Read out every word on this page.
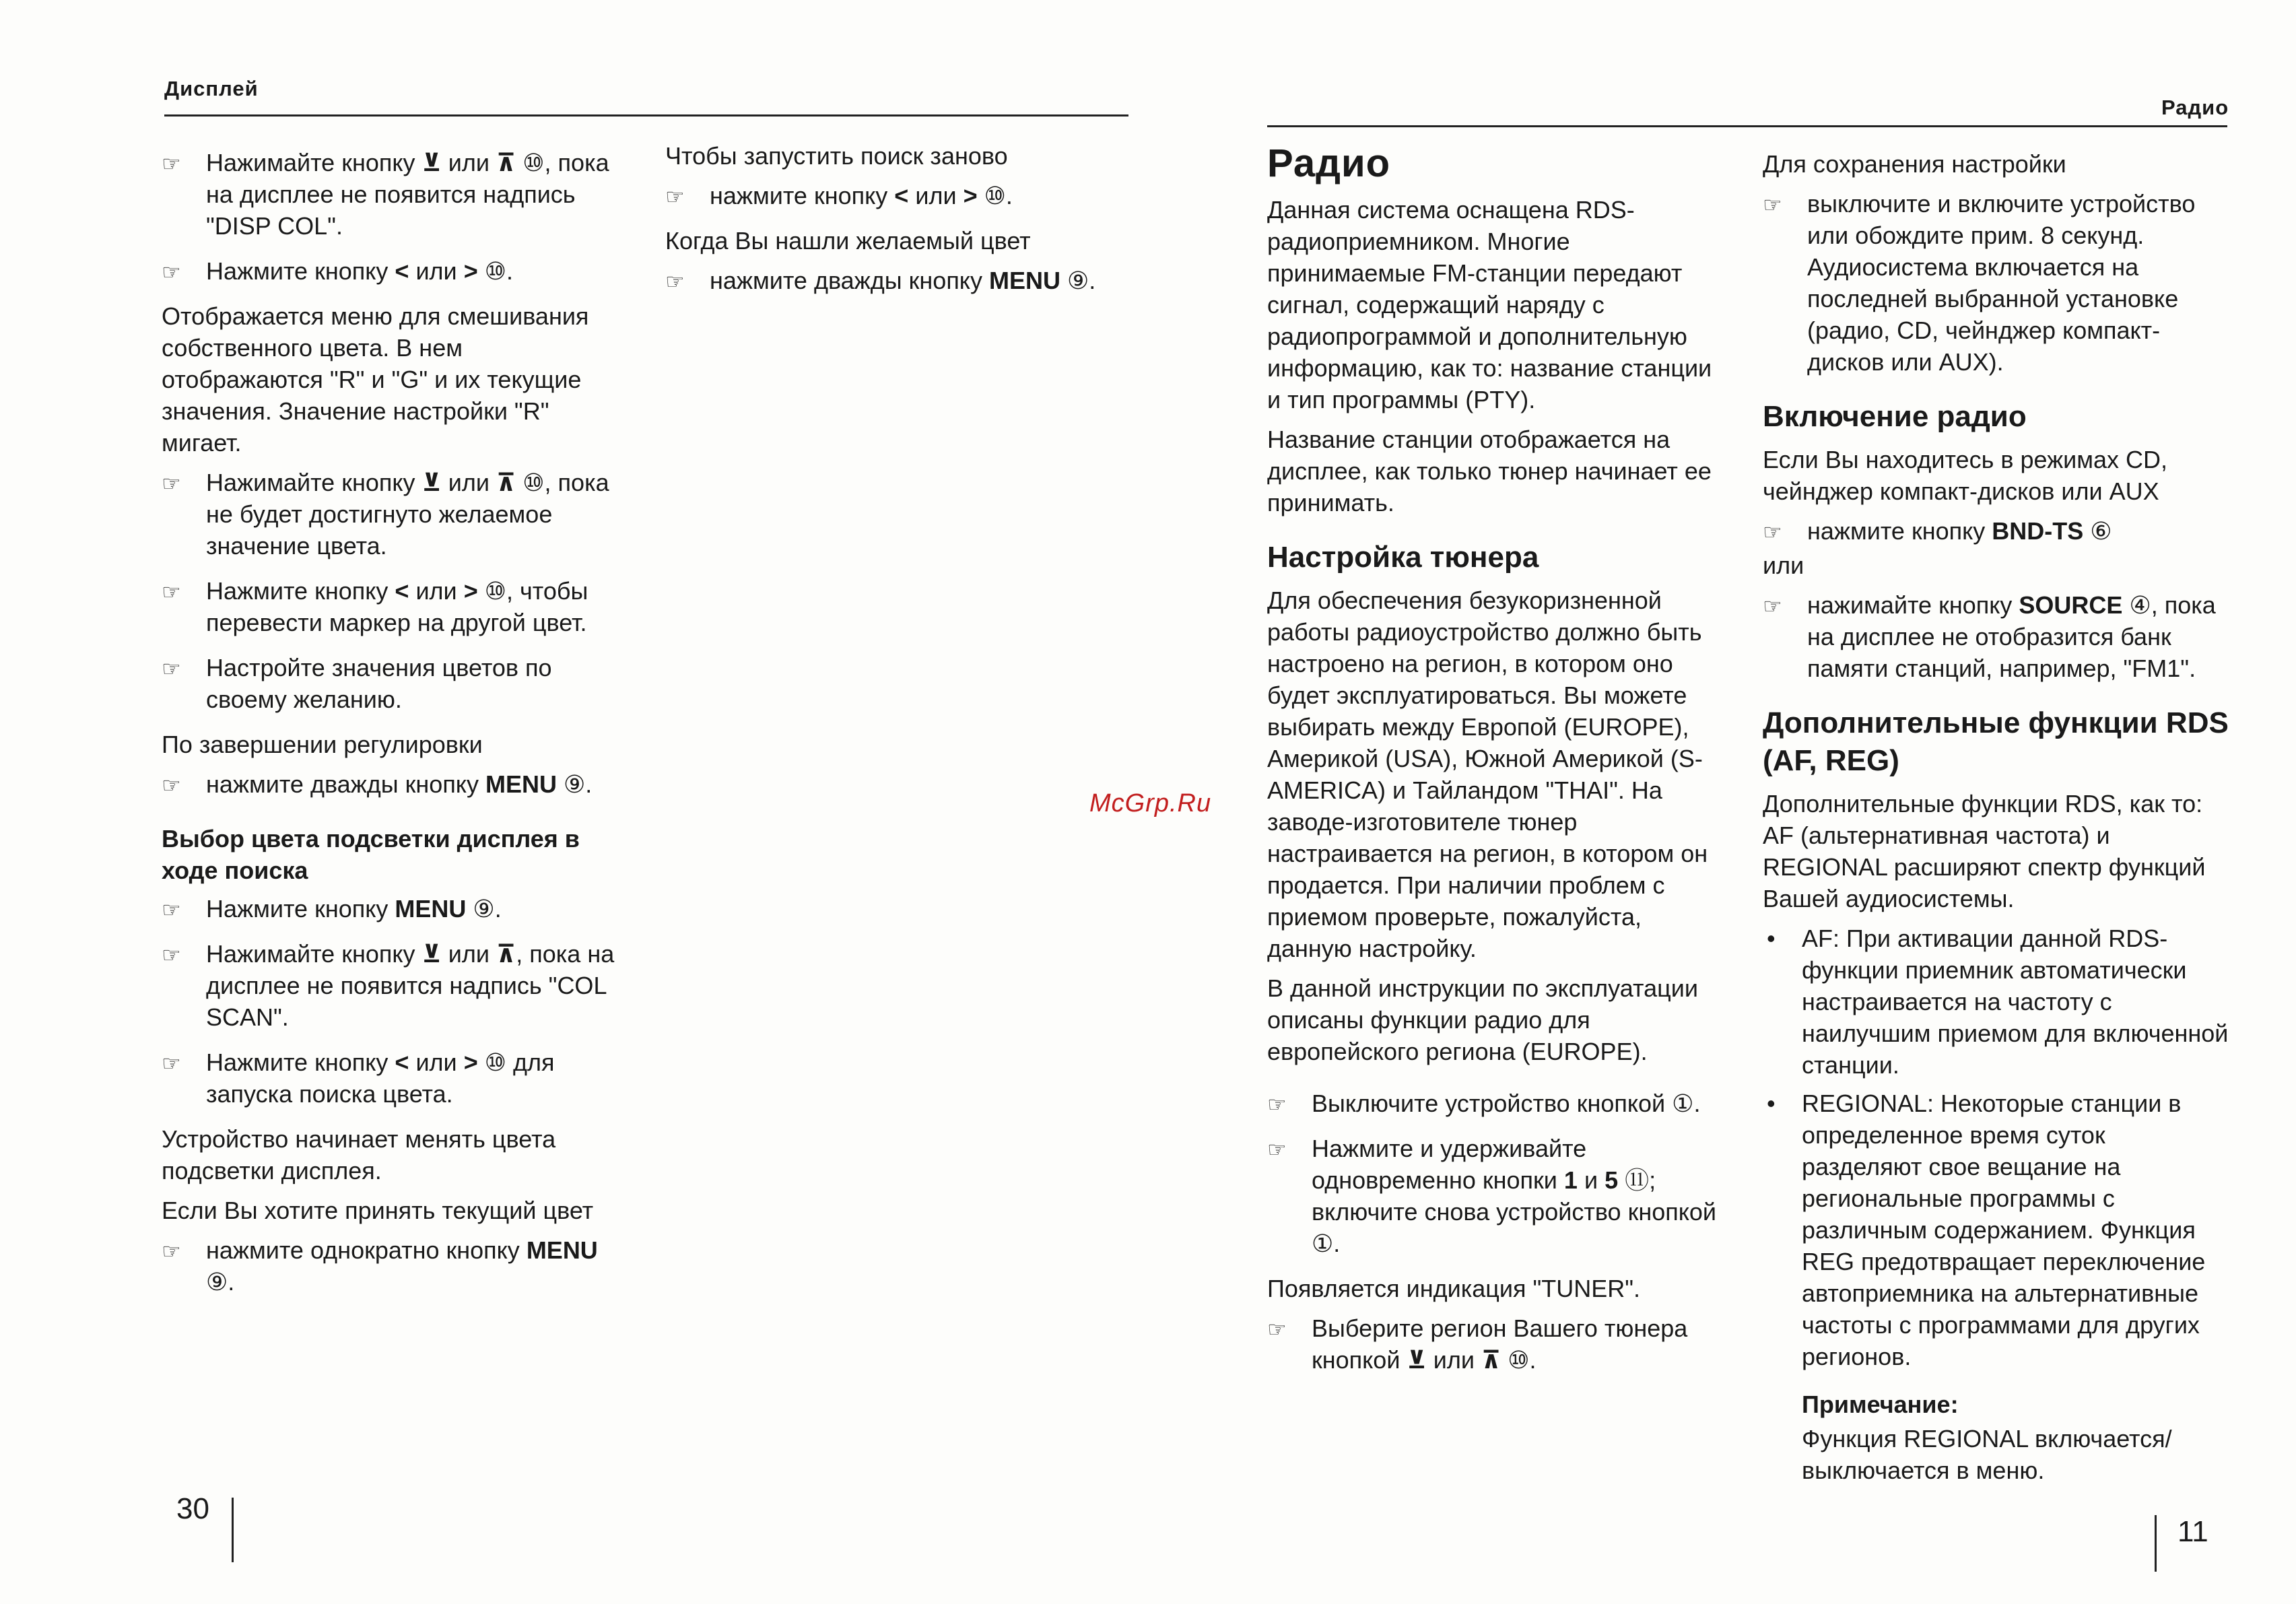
Дисплей
☞ Нажимайте кнопку ⊻ или ⊼ ⑩, пока на дисплее не появится надпись "DISP COL".
☞ Нажмите кнопку < или > ⑩.

Отображается меню для смешивания собственного цвета. В нем отображаются "R" и "G" и их текущие значения. Значение настройки "R" мигает.

☞ Нажимайте кнопку ⊻ или ⊼ ⑩, пока не будет достигнуто желаемое значение цвета.
☞ Нажмите кнопку < или > ⑩, чтобы перевести маркер на другой цвет.
☞ Настройте значения цветов по своему желанию.

По завершении регулировки

☞ нажмите дважды кнопку MENU ⑨.
Выбор цвета подсветки дисплея в ходе поиска
☞ Нажмите кнопку MENU ⑨.
☞ Нажимайте кнопку ⊻ или ⊼, пока на дисплее не появится надпись "COL SCAN".
☞ Нажмите кнопку < или > ⑩ для запуска поиска цвета.

Устройство начинает менять цвета подсветки дисплея.

Если Вы хотите принять текущий цвет

☞ нажмите однократно кнопку MENU ⑨.

Чтобы запустить поиск заново

☞ нажмите кнопку < или > ⑩.

Когда Вы нашли желаемый цвет

☞ нажмите дважды кнопку MENU ⑨.
30
McGrp.Ru
Радио
Радио

Данная система оснащена RDS-радиоприемником. Многие принимаемые FM-станции передают сигнал, содержащий наряду с радиопрограммой и дополнительную информацию, как то: название станции и тип программы (PTY).

Название станции отображается на дисплее, как только тюнер начинает ее принимать.

Настройка тюнера

Для обеспечения безукоризненной работы радиоустройство должно быть настроено на регион, в котором оно будет эксплуатироваться. Вы можете выбирать между Европой (EUROPE), Америкой (USA), Южной Америкой (S-AMERICA) и Тайландом "THAI". На заводе-изготовителе тюнер настраивается на регион, в котором он продается. При наличии проблем с приемом проверьте, пожалуйста, данную настройку.

В данной инструкции по эксплуатации описаны функции радио для европейского региона (EUROPE).

☞ Выключите устройство кнопкой ①.
☞ Нажмите и удерживайте одновременно кнопки 1 и 5 ⑪; включите снова устройство кнопкой ①.

Появляется индикация "TUNER".

☞ Выберите регион Вашего тюнера кнопкой ⊻ или ⊼ ⑩.

Для сохранения настройки

☞ выключите и включите устройство или обождите прим. 8 секунд. Аудиосистема включается на последней выбранной установке (радио, CD, чейнджер компакт-дисков или AUX).
Включение радио

Если Вы находитесь в режимах CD, чейнджер компакт-дисков или AUX

☞ нажмите кнопку BND-TS ⑥

или

☞ нажимайте кнопку SOURCE ④, пока на дисплее не отобразится банк памяти станций, например, "FM1".
Дополнительные функции RDS (AF, REG)

Дополнительные функции RDS, как то: AF (альтернативная частота) и REGIONAL расширяют спектр функций Вашей аудиосистемы.

• AF: При активации данной RDS-функции приемник автоматически настраивается на частоту с наилучшим приемом для включенной станции.
• REGIONAL: Некоторые станции в определенное время суток разделяют свое вещание на региональные программы с различным содержанием. Функция REG предотвращает переключение автоприемника на альтернативные частоты с программами для других регионов.
Примечание:
Функция REGIONAL включается/выключается в меню.
11
